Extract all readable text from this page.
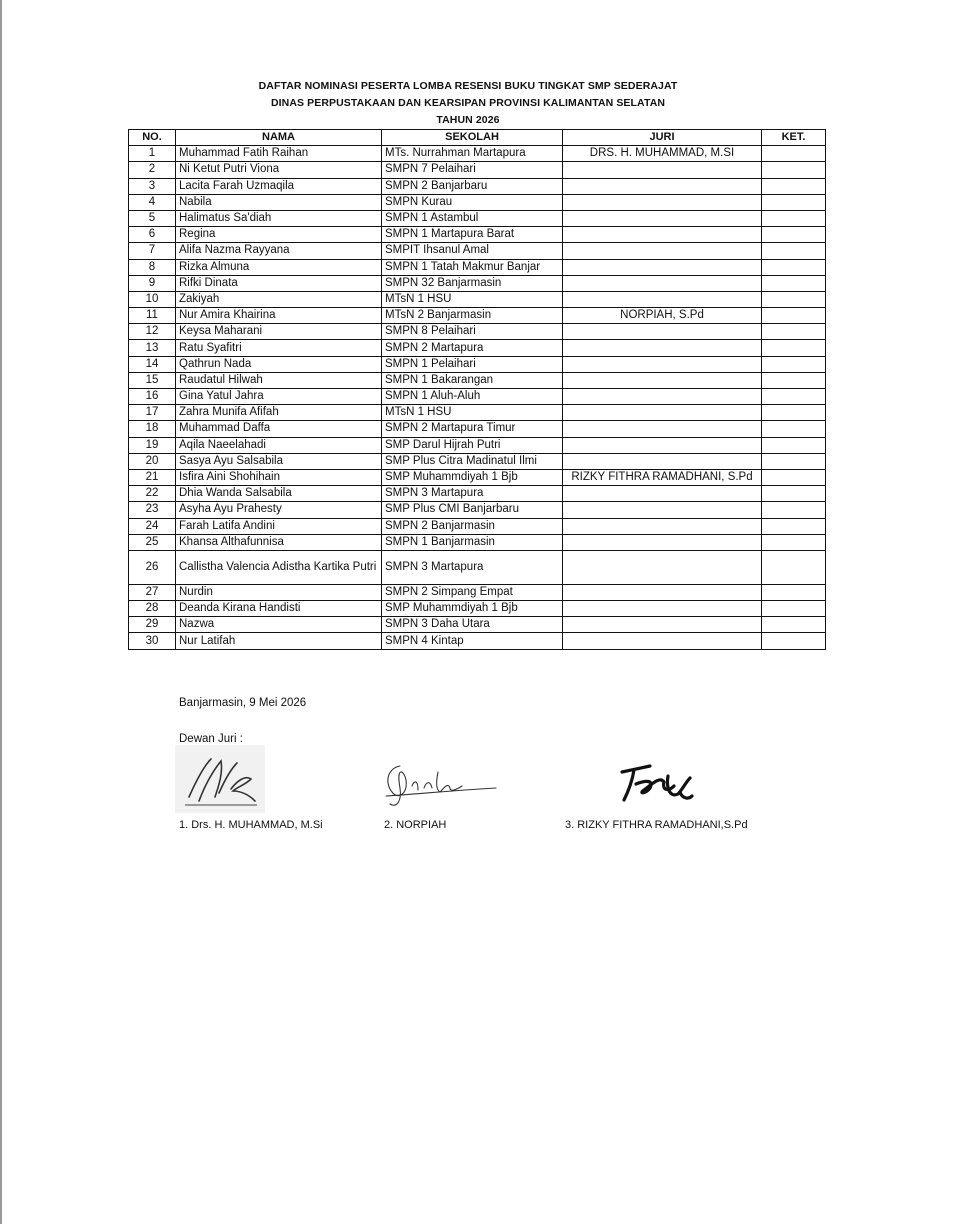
DAFTAR NOMINASI PESERTA LOMBA RESENSI BUKU TINGKAT SMP SEDERAJAT
DINAS PERPUSTAKAAN DAN KEARSIPAN PROVINSI KALIMANTAN SELATAN
TAHUN 2026
NO.	NAMA	SEKOLAH	JURI	KET.
1	Muhammad Fatih Raihan	MTs. Nurrahman Martapura	DRS. H. MUHAMMAD, M.SI	
2	Ni Ketut Putri Viona	SMPN 7 Pelaihari		
3	Lacita Farah Uzmaqila	SMPN 2 Banjarbaru		
4	Nabila	SMPN Kurau		
5	Halimatus Sa'diah	SMPN 1 Astambul		
6	Regina	SMPN 1 Martapura Barat		
7	Alifa Nazma Rayyana	SMPIT Ihsanul Amal		
8	Rizka Almuna	SMPN 1 Tatah Makmur Banjar		
9	Rifki Dinata	SMPN 32 Banjarmasin		
10	Zakiyah	MTsN 1 HSU		
11	Nur Amira Khairina	MTsN 2 Banjarmasin	NORPIAH, S.Pd	
12	Keysa Maharani	SMPN 8 Pelaihari		
13	Ratu Syafitri	SMPN 2 Martapura		
14	Qathrun Nada	SMPN 1 Pelaihari		
15	Raudatul Hilwah	SMPN 1 Bakarangan		
16	Gina Yatul Jahra	SMPN 1 Aluh-Aluh		
17	Zahra Munifa Afifah	MTsN 1 HSU		
18	Muhammad Daffa	SMPN 2 Martapura Timur		
19	Aqila Naeelahadi	SMP Darul Hijrah Putri		
20	Sasya Ayu Salsabila	SMP Plus Citra Madinatul Ilmi		
21	Isfira Aini Shohihain	SMP Muhammdiyah 1 Bjb	RIZKY FITHRA RAMADHANI, S.Pd	
22	Dhia Wanda Salsabila	SMPN 3 Martapura		
23	Asyha Ayu Prahesty	SMP Plus CMI Banjarbaru		
24	Farah Latifa Andini	SMPN 2 Banjarmasin		
25	Khansa Althafunnisa	SMPN 1 Banjarmasin		
26	Callistha Valencia Adistha Kartika Putri	SMPN 3 Martapura		
27	Nurdin	SMPN 2 Simpang Empat		
28	Deanda Kirana Handisti	SMP Muhammdiyah 1 Bjb		
29	Nazwa	SMPN 3 Daha Utara		
30	Nur Latifah	SMPN 4 Kintap		
Banjarmasin, 9 Mei 2026
Dewan Juri :
1. Drs. H. MUHAMMAD, M.Si	2. NORPIAH	3. RIZKY FITHRA RAMADHANI,S.Pd
